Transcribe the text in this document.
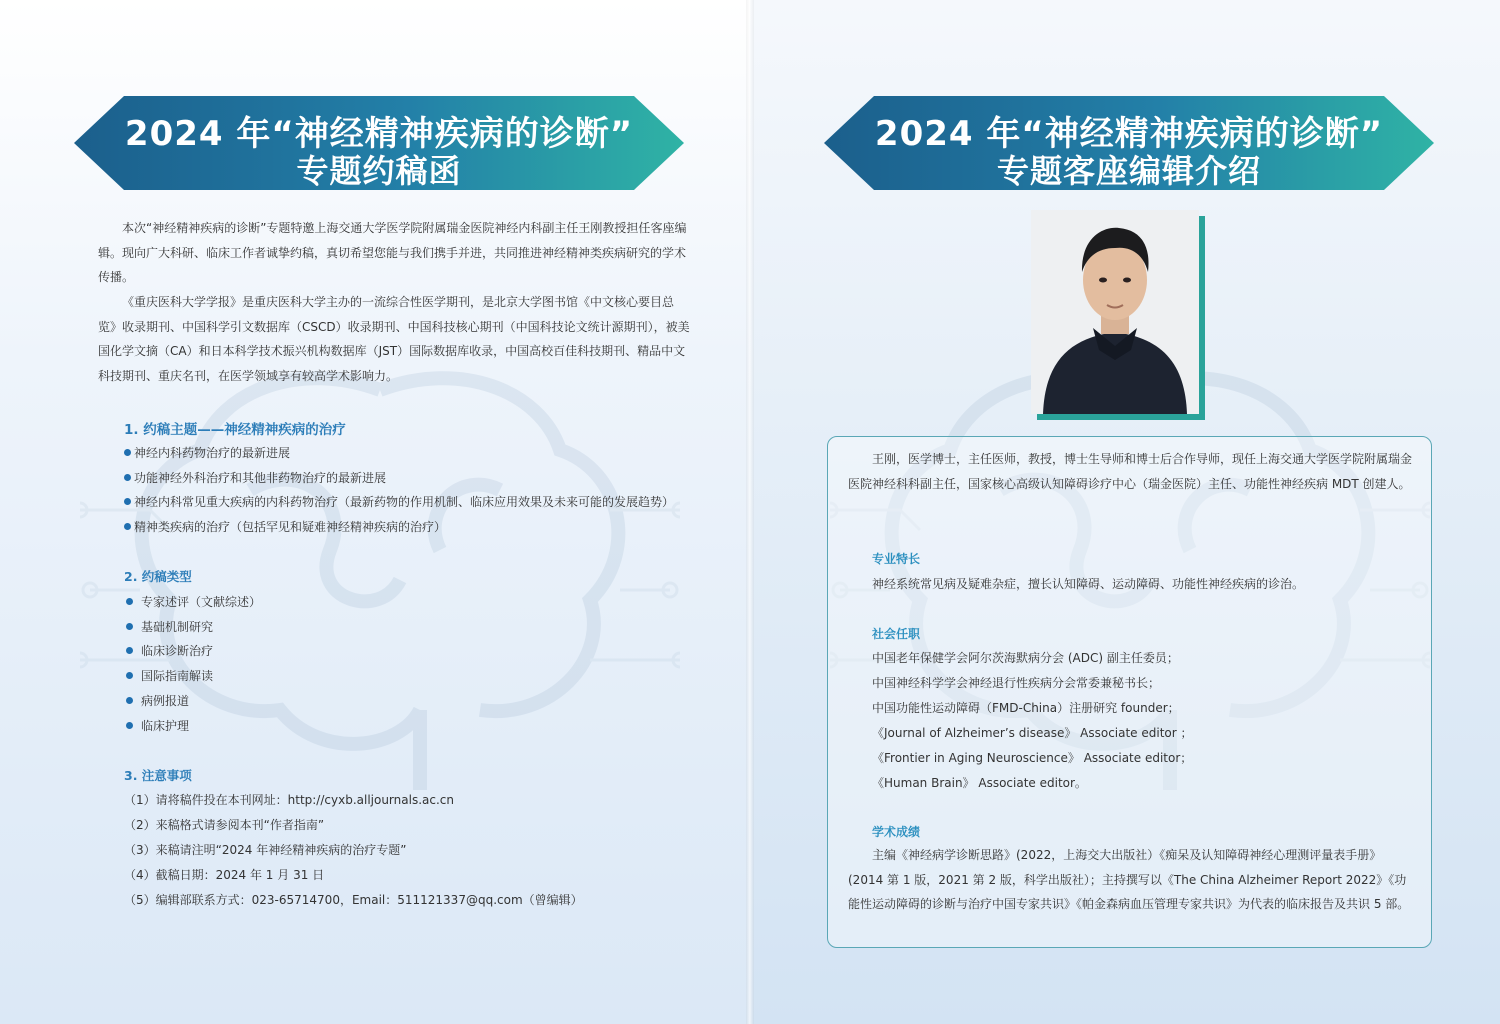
2024 年“神经精神疾病的诊断”
专题约稿函
本次“神经精神疾病的诊断”专题特邀上海交通大学医学院附属瑞金医院神经内科副主任王刚教授担任客座编辑。现向广大科研、临床工作者诚挚约稿，真切希望您能与我们携手并进，共同推进神经精神类疾病研究的学术传播。
《重庆医科大学学报》是重庆医科大学主办的一流综合性医学期刊，是北京大学图书馆《中文核心要目总览》收录期刊、中国科学引文数据库（CSCD）收录期刊、中国科技核心期刊（中国科技论文统计源期刊），被美国化学文摘（CA）和日本科学技术振兴机构数据库（JST）国际数据库收录，中国高校百佳科技期刊、精品中文科技期刊、重庆名刊，在医学领域享有较高学术影响力。
1. 约稿主题——神经精神疾病的治疗
神经内科药物治疗的最新进展
功能神经外科治疗和其他非药物治疗的最新进展
神经内科常见重大疾病的内科药物治疗（最新药物的作用机制、临床应用效果及未来可能的发展趋势）
精神类疾病的治疗（包括罕见和疑难神经精神疾病的治疗）
2. 约稿类型
专家述评（文献综述）
基础机制研究
临床诊断治疗
国际指南解读
病例报道
临床护理
3. 注意事项
（1）请将稿件投在本刊网址：http://cyxb.alljournals.ac.cn
（2）来稿格式请参阅本刊“作者指南”
（3）来稿请注明“2024 年神经精神疾病的治疗专题”
（4）截稿日期：2024 年 1 月 31 日
（5）编辑部联系方式：023-65714700，Email：511121337@qq.com（曾编辑）
2024 年“神经精神疾病的诊断”
专题客座编辑介绍
王刚，医学博士，主任医师，教授，博士生导师和博士后合作导师，现任上海交通大学医学院附属瑞金医院神经科科副主任，国家核心高级认知障碍诊疗中心（瑞金医院）主任、功能性神经疾病 MDT 创建人。
专业特长
神经系统常见病及疑难杂症，擅长认知障碍、运动障碍、功能性神经疾病的诊治。
社会任职
中国老年保健学会阿尔茨海默病分会 (ADC) 副主任委员；
中国神经科学学会神经退行性疾病分会常委兼秘书长；
中国功能性运动障碍（FMD-China）注册研究 founder；
《Journal of Alzheimer’s disease》 Associate editor ；
《Frontier in Aging Neuroscience》 Associate editor；
《Human Brain》 Associate editor。
学术成绩
主编《神经病学诊断思路》(2022，上海交大出版社）《痴呆及认知障碍神经心理测评量表手册》(2014 第 1 版，2021 第 2 版，科学出版社）；主持撰写以《The China Alzheimer Report 2022》《功能性运动障碍的诊断与治疗中国专家共识》《帕金森病血压管理专家共识》为代表的临床报告及共识 5 部。
